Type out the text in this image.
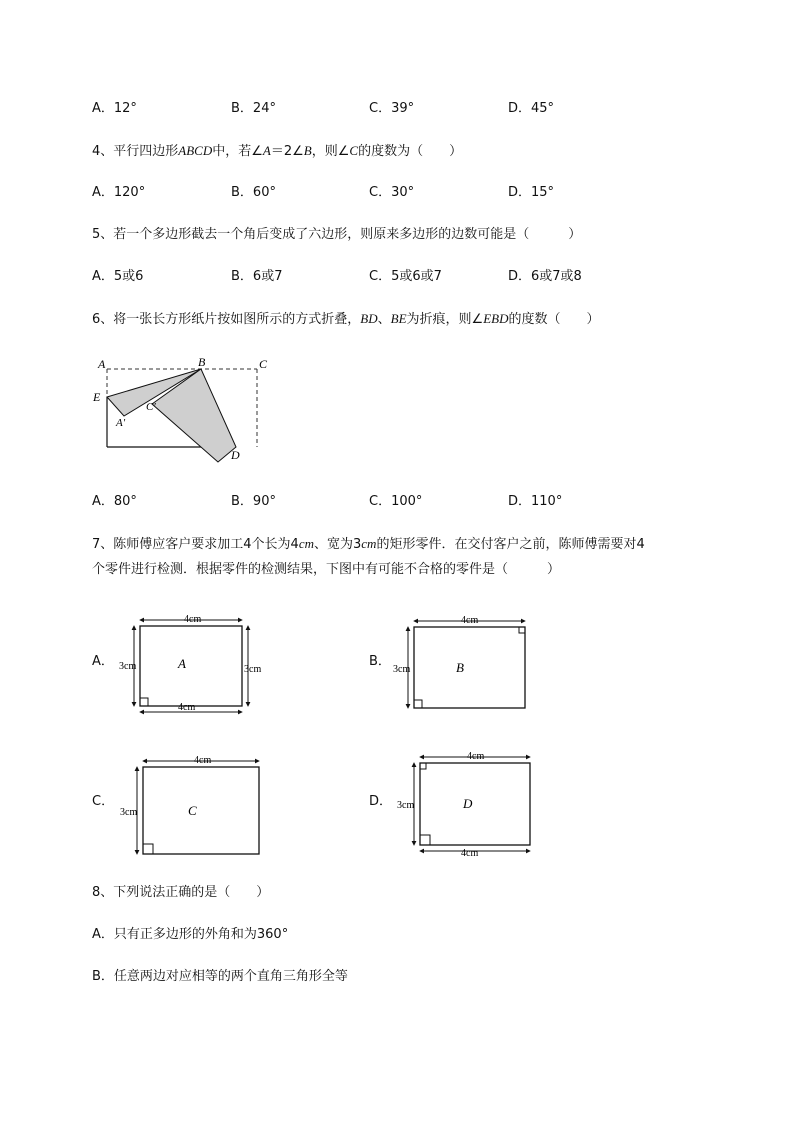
A．12°	B．24°	C．39°	D．45°
4、平行四边形ABCD中，若∠A＝2∠B，则∠C的度数为（　　）
A．120°	B．60°	C．30°	D．15°
5、若一个多边形截去一个角后变成了六边形，则原来多边形的边数可能是（　　　）
A．5或6	B．6或7	C．5或6或7	D．6或7或8
6、将一张长方形纸片按如图所示的方式折叠，BD、BE为折痕，则∠EBD的度数（　　）
A	B	C
E
A′
C′
D
A．80°	B．90°	C．100°	D．110°
7、陈师傅应客户要求加工4个长为4cm、宽为3cm的矩形零件．在交付客户之前，陈师傅需要对4
个零件进行检测．根据零件的检测结果，下图中有可能不合格的零件是（　　　）
A．	B．
C．	D．
4cm
4cm
3cm	3cm
A
4cm
3cm	B
4cm
3cm	C
4cm
4cm
3cm	D
8、下列说法正确的是（　　）
A．只有正多边形的外角和为360°
B．任意两边对应相等的两个直角三角形全等
